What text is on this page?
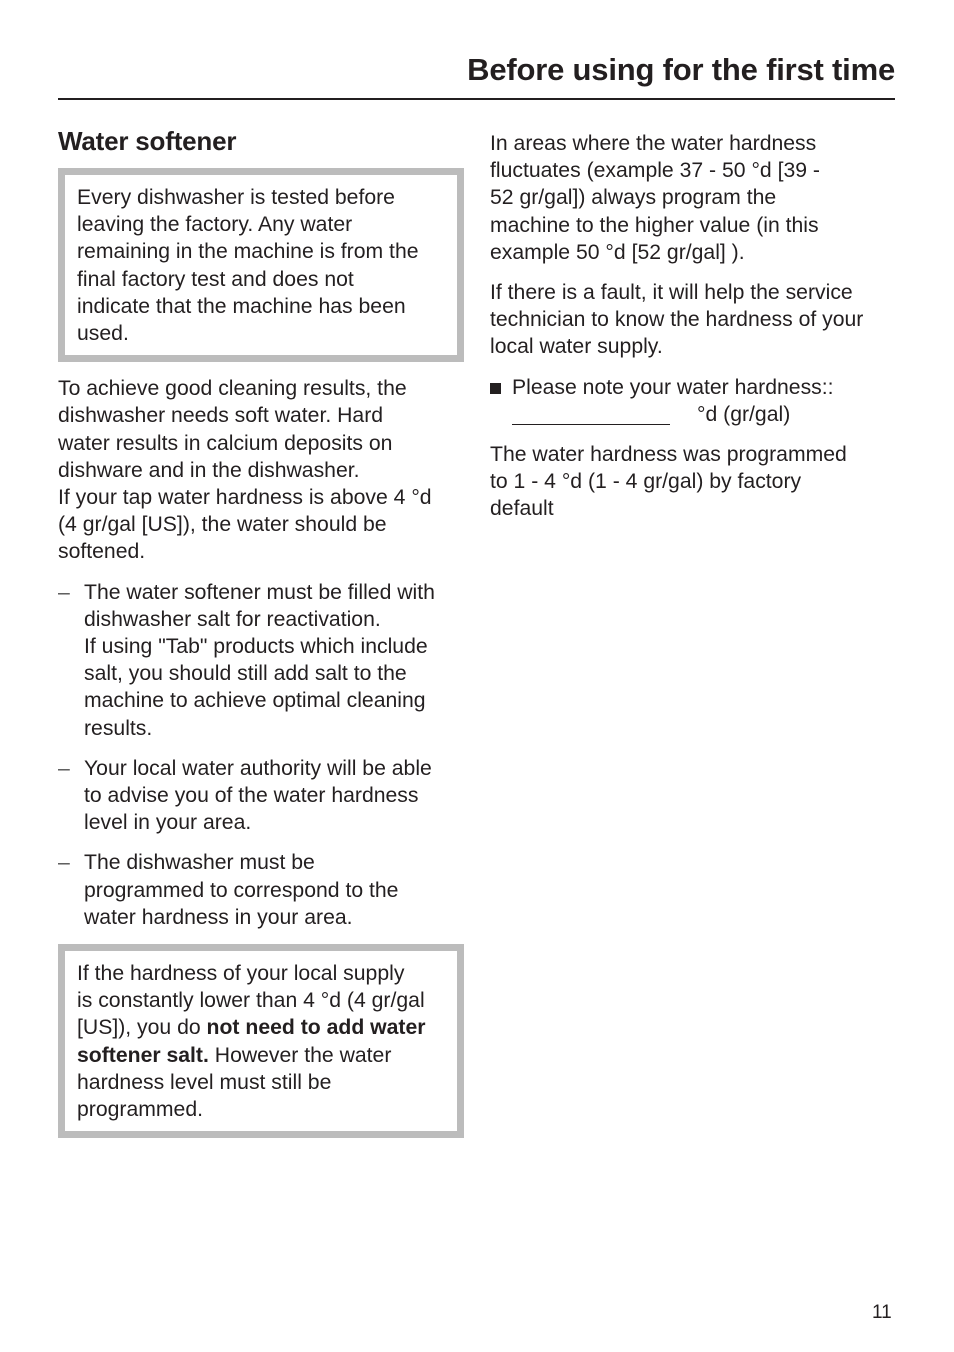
Before using for the first time
Water softener

Every dishwasher is tested before
leaving the factory. Any water
remaining in the machine is from the
final factory test and does not
indicate that the machine has been
used.

To achieve good cleaning results, the
dishwasher needs soft water. Hard
water results in calcium deposits on
dishware and in the dishwasher.
If your tap water hardness is above 4 °d
(4 gr/gal [US]), the water should be
softened.

– The water softener must be filled with
dishwasher salt for reactivation.
If using "Tab" products which include
salt, you should still add salt to the
machine to achieve optimal cleaning
results.
– Your local water authority will be able
to advise you of the water hardness
level in your area.
– The dishwasher must be
programmed to correspond to the
water hardness in your area.

If the hardness of your local supply
is constantly lower than 4 °d (4 gr/gal
[US]), you do not need to add water
softener salt. However the water
hardness level must still be
programmed.

In areas where the water hardness
fluctuates (example 37 - 50 °d [39 -
52 gr/gal]) always program the
machine to the higher value (in this
example 50 °d [52 gr/gal] ).

If there is a fault, it will help the service
technician to know the hardness of your
local water supply.

Please note your water hardness::
°d (gr/gal)

The water hardness was programmed
to 1 - 4 °d (1 - 4 gr/gal) by factory
default

11
